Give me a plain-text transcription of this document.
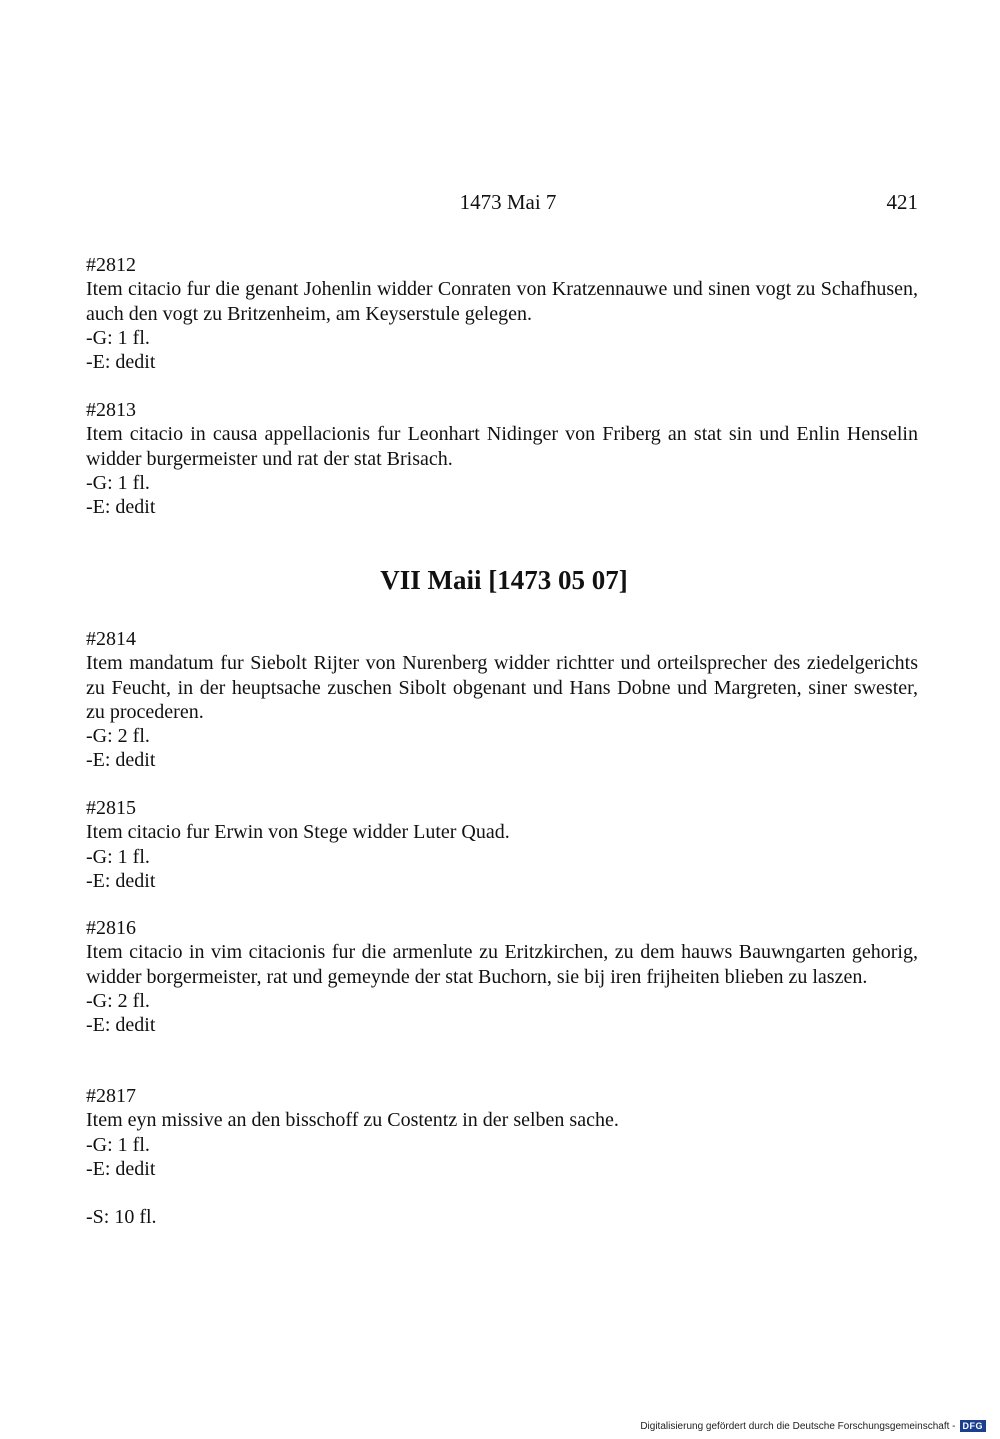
1473 Mai 7	421
#2812
Item citacio fur die genant Johenlin widder Conraten von Kratzennauwe und sinen vogt zu Schafhusen, auch den vogt zu Britzenheim, am Keyserstule gelegen.
-G: 1 fl.
-E: dedit
#2813
Item citacio in causa appellacionis fur Leonhart Nidinger von Friberg an stat sin und Enlin Henselin widder burgermeister und rat der stat Brisach.
-G: 1 fl.
-E: dedit
VII Maii [1473 05 07]
#2814
Item mandatum fur Siebolt Rijter von Nurenberg widder richtter und orteilsprecher des ziedelgerichts zu Feucht, in der heuptsache zuschen Sibolt obgenant und Hans Dobne und Margreten, siner swester, zu procederen.
-G: 2 fl.
-E: dedit
#2815
Item citacio fur Erwin von Stege widder Luter Quad.
-G: 1 fl.
-E: dedit
#2816
Item citacio in vim citacionis fur die armenlute zu Eritzkirchen, zu dem hauws Bauwngarten gehorig, widder borgermeister, rat und gemeynde der stat Buchorn, sie bij iren frijheiten blieben zu laszen.
-G: 2 fl.
-E: dedit
#2817
Item eyn missive an den bisschoff zu Costentz in der selben sache.
-G: 1 fl.
-E: dedit
-S: 10 fl.
Digitalisierung gefördert durch die Deutsche Forschungsgemeinschaft - DFG
